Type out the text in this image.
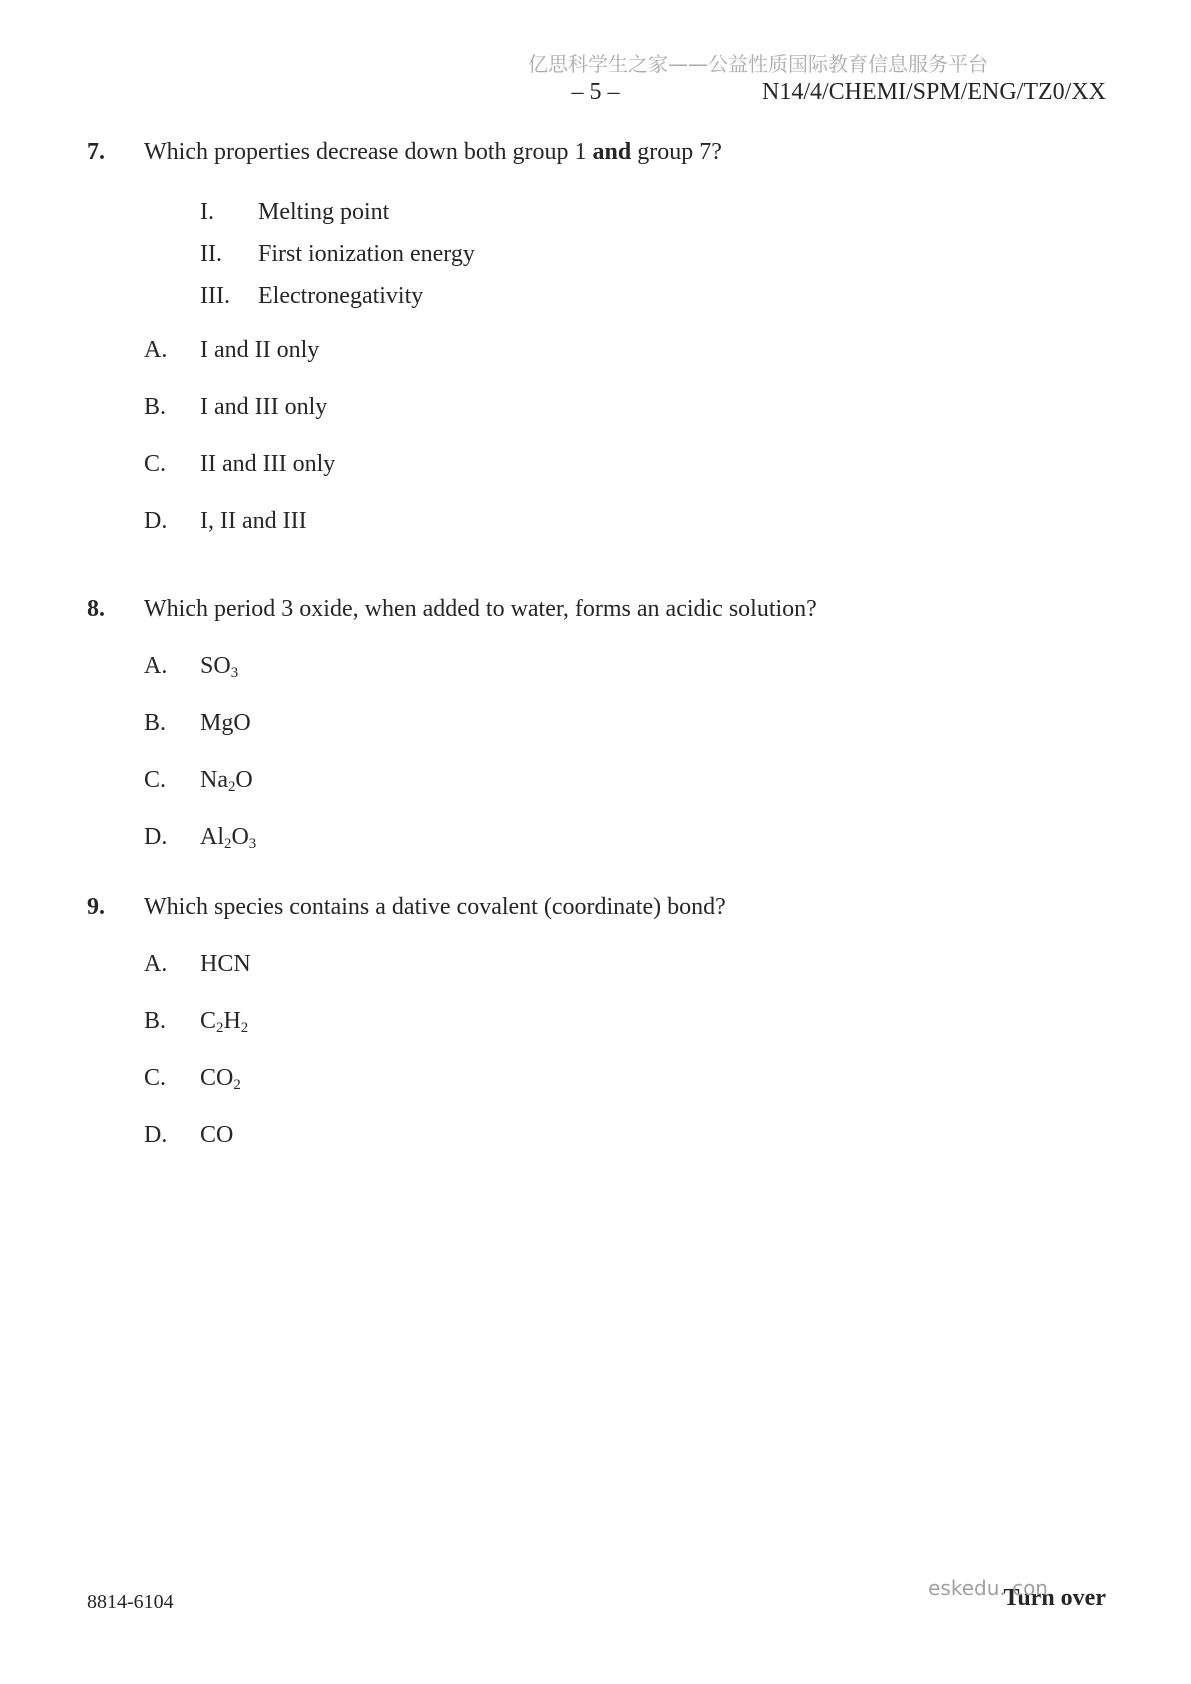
亿思科学生之家——公益性质国际教育信息服务平台
– 5 –	N14/4/CHEMI/SPM/ENG/TZ0/XX
7. Which properties decrease down both group 1 and group 7?
I. Melting point
II. First ionization energy
III. Electronegativity
A. I and II only
B. I and III only
C. II and III only
D. I, II and III
8. Which period 3 oxide, when added to water, forms an acidic solution?
A. $SO_3$
B. MgO
C. $Na_2O$
D. $Al_2O_3$
9. Which species contains a dative covalent (coordinate) bond?
A. HCN
B. $C_2H_2$
C. $CO_2$
D. CO
8814-6104
eskedu. con
Turn over
